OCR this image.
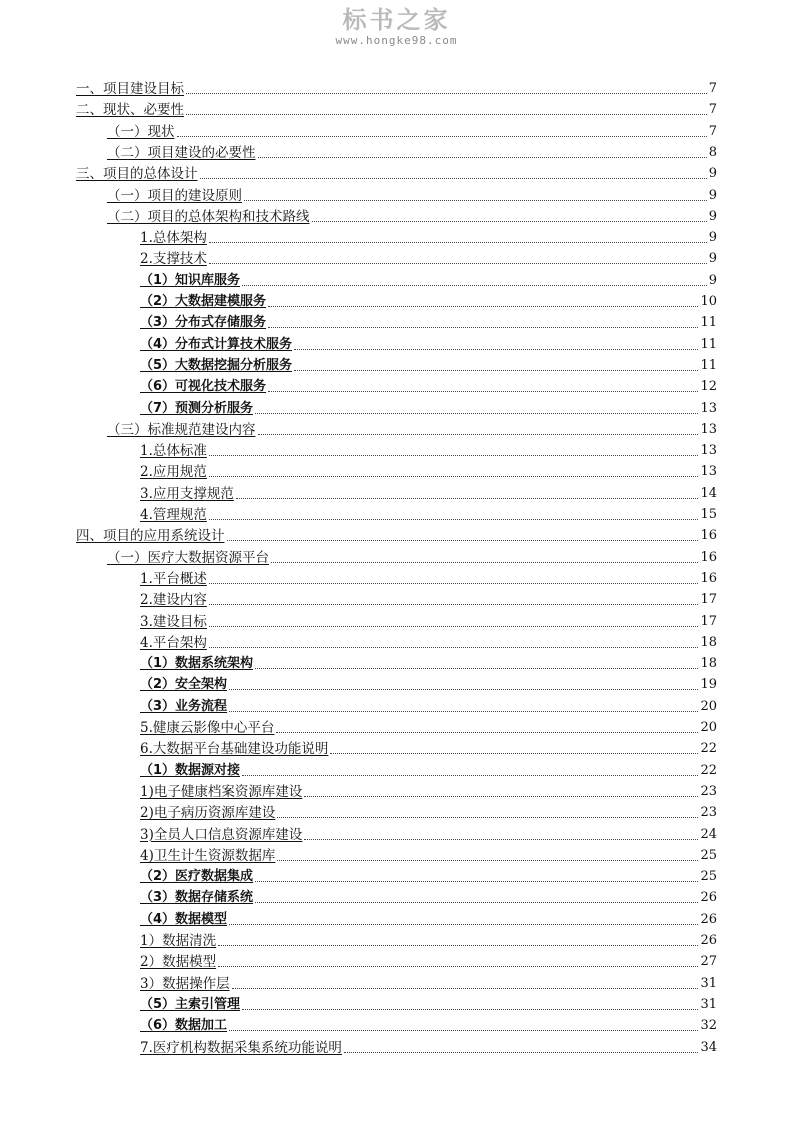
标书之家
www.hongke98.com
一、项目建设目标	7
二、现状、必要性	7
（一）现状	7
（二）项目建设的必要性	8
三、项目的总体设计	9
（一）项目的建设原则	9
（二）项目的总体架构和技术路线	9
1.总体架构	9
2.支撑技术	9
（1）知识库服务	9
（2）大数据建模服务	10
（3）分布式存储服务	11
（4）分布式计算技术服务	11
（5）大数据挖掘分析服务	11
（6）可视化技术服务	12
（7）预测分析服务	13
（三）标准规范建设内容	13
1.总体标准	13
2.应用规范	13
3.应用支撑规范	14
4.管理规范	15
四、项目的应用系统设计	16
（一）医疗大数据资源平台	16
1.平台概述	16
2.建设内容	17
3.建设目标	17
4.平台架构	18
（1）数据系统架构	18
（2）安全架构	19
（3）业务流程	20
5.健康云影像中心平台	20
6.大数据平台基础建设功能说明	22
（1）数据源对接	22
1)电子健康档案资源库建设	23
2)电子病历资源库建设	23
3)全员人口信息资源库建设	24
4)卫生计生资源数据库	25
（2）医疗数据集成	25
（3）数据存储系统	26
（4）数据模型	26
1）数据清洗	26
2）数据模型	27
3）数据操作层	31
（5）主索引管理	31
（6）数据加工	32
7.医疗机构数据采集系统功能说明	34
